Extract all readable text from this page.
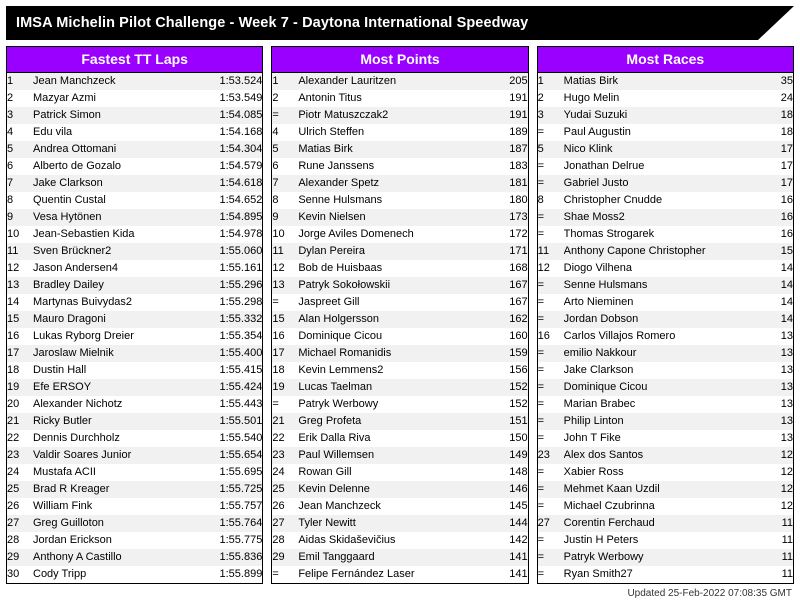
IMSA Michelin Pilot Challenge - Week 7 - Daytona International Speedway
Fastest TT Laps
1	Jean Manchzeck	1:53.524
2	Mazyar Azmi	1:53.549
3	Patrick Simon	1:54.085
4	Edu vila	1:54.168
5	Andrea Ottomani	1:54.304
6	Alberto de Gozalo	1:54.579
7	Jake Clarkson	1:54.618
8	Quentin Custal	1:54.652
9	Vesa Hytönen	1:54.895
10	Jean-Sebastien Kida	1:54.978
11	Sven Brückner2	1:55.060
12	Jason Andersen4	1:55.161
13	Bradley Dailey	1:55.296
14	Martynas Buivydas2	1:55.298
15	Mauro Dragoni	1:55.332
16	Lukas Ryborg Dreier	1:55.354
17	Jaroslaw Mielnik	1:55.400
18	Dustin Hall	1:55.415
19	Efe ERSOY	1:55.424
20	Alexander Nichotz	1:55.443
21	Ricky Butler	1:55.501
22	Dennis Durchholz	1:55.540
23	Valdir Soares Junior	1:55.654
24	Mustafa ACII	1:55.695
25	Brad R Kreager	1:55.725
26	William Fink	1:55.757
27	Greg Guilloton	1:55.764
28	Jordan Erickson	1:55.775
29	Anthony A Castillo	1:55.836
30	Cody Tripp	1:55.899
Most Points
1	Alexander Lauritzen	205
2	Antonin Titus	191
=	Piotr Matuszczak2	191
4	Ulrich Steffen	189
5	Matias Birk	187
6	Rune Janssens	183
7	Alexander Spetz	181
8	Senne Hulsmans	180
9	Kevin Nielsen	173
10	Jorge Aviles Domenech	172
11	Dylan Pereira	171
12	Bob de Huisbaas	168
13	Patryk Sokołowskii	167
=	Jaspreet Gill	167
15	Alan Holgersson	162
16	Dominique Cicou	160
17	Michael Romanidis	159
18	Kevin Lemmens2	156
19	Lucas Taelman	152
=	Patryk Werbowy	152
21	Greg Profeta	151
22	Erik Dalla Riva	150
23	Paul Willemsen	149
24	Rowan Gill	148
25	Kevin Delenne	146
26	Jean Manchzeck	145
27	Tyler Newitt	144
28	Aidas Skidaševičius	142
29	Emil Tanggaard	141
=	Felipe Fernández Laser	141
Most Races
1	Matias Birk	35
2	Hugo Melin	24
3	Yudai Suzuki	18
=	Paul Augustin	18
5	Nico Klink	17
=	Jonathan Delrue	17
=	Gabriel Justo	17
8	Christopher Cnudde	16
=	Shae Moss2	16
=	Thomas Strogarek	16
11	Anthony Capone Christopher	15
12	Diogo Vilhena	14
=	Senne Hulsmans	14
=	Arto Nieminen	14
=	Jordan Dobson	14
16	Carlos Villajos Romero	13
=	emilio Nakkour	13
=	Jake Clarkson	13
=	Dominique Cicou	13
=	Marian Brabec	13
=	Philip Linton	13
=	John T Fike	13
23	Alex dos Santos	12
=	Xabier Ross	12
=	Mehmet Kaan Uzdil	12
=	Michael Czubrinna	12
27	Corentin Ferchaud	11
=	Justin H Peters	11
=	Patryk Werbowy	11
=	Ryan Smith27	11
Updated 25-Feb-2022 07:08:35 GMT
